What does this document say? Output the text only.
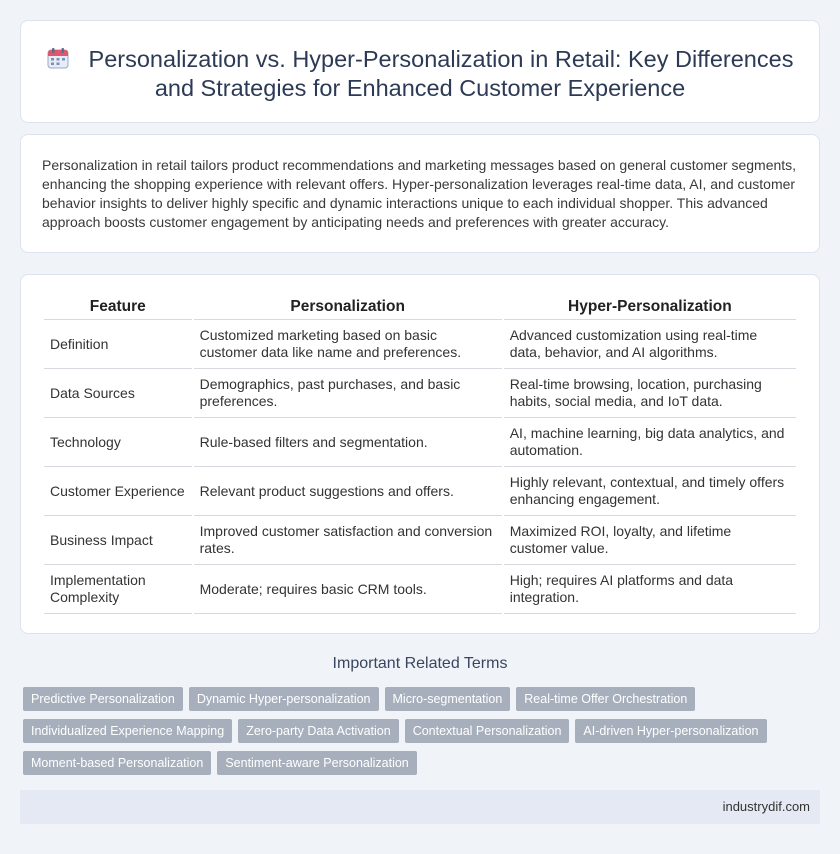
Personalization vs. Hyper-Personalization in Retail: Key Differences and Strategies for Enhanced Customer Experience

Personalization in retail tailors product recommendations and marketing messages based on general customer segments, enhancing the shopping experience with relevant offers. Hyper-personalization leverages real-time data, AI, and customer behavior insights to deliver highly specific and dynamic interactions unique to each individual shopper. This advanced approach boosts customer engagement by anticipating needs and preferences with greater accuracy.

Feature	Personalization	Hyper-Personalization
Definition	Customized marketing based on basic customer data like name and preferences.	Advanced customization using real-time data, behavior, and AI algorithms.
Data Sources	Demographics, past purchases, and basic preferences.	Real-time browsing, location, purchasing habits, social media, and IoT data.
Technology	Rule-based filters and segmentation.	AI, machine learning, big data analytics, and automation.
Customer Experience	Relevant product suggestions and offers.	Highly relevant, contextual, and timely offers enhancing engagement.
Business Impact	Improved customer satisfaction and conversion rates.	Maximized ROI, loyalty, and lifetime customer value.
Implementation Complexity	Moderate; requires basic CRM tools.	High; requires AI platforms and data integration.
Important Related Terms
Predictive Personalization	Dynamic Hyper-personalization	Micro-segmentation	Real-time Offer Orchestration
Individualized Experience Mapping	Zero-party Data Activation	Contextual Personalization	AI-driven Hyper-personalization
Moment-based Personalization	Sentiment-aware Personalization
industrydif.com
